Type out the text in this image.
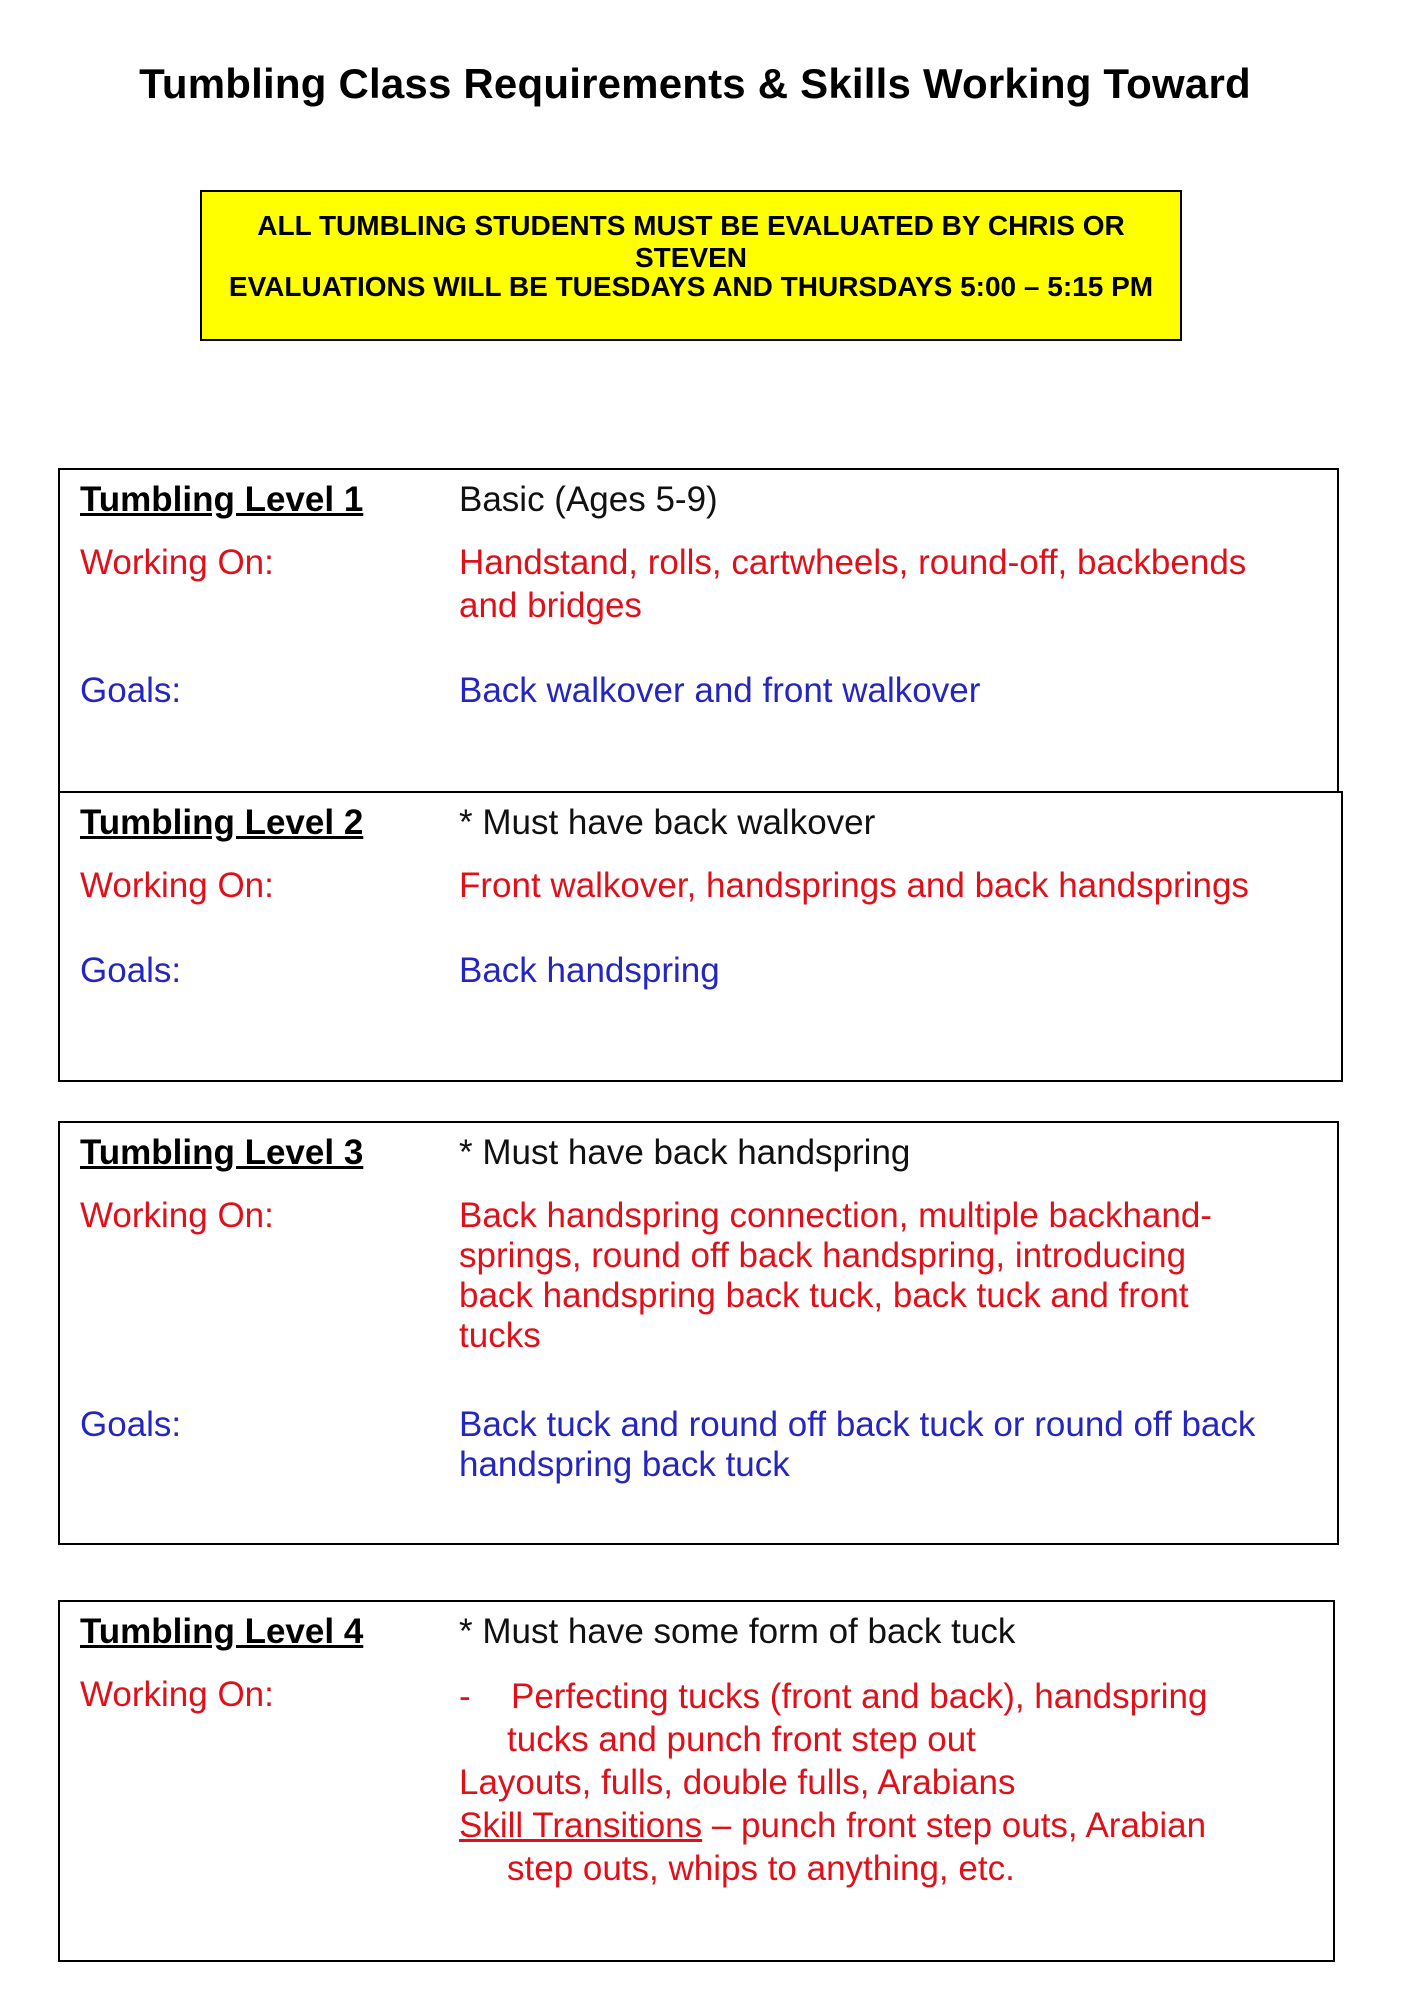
Tumbling Class Requirements & Skills Working Toward
ALL TUMBLING STUDENTS MUST BE EVALUATED BY CHRIS OR STEVEN
EVALUATIONS WILL BE TUESDAYS AND THURSDAYS 5:00 – 5:15 PM
Tumbling Level 1	Basic (Ages 5-9)
Working On:	Handstand, rolls, cartwheels, round-off, backbends
and bridges
Goals:	Back walkover and front walkover
Tumbling Level 2	* Must have back walkover
Working On:	Front walkover, handsprings and back handsprings
Goals:	Back handspring
Tumbling Level 3	* Must have back handspring
Working On:	Back handspring connection, multiple backhand-
springs, round off back handspring, introducing
back handspring back tuck, back tuck and front
tucks
Goals:	Back tuck and round off back tuck or round off back
handspring back tuck
Tumbling Level 4	* Must have some form of back tuck
Working On:	- Perfecting tucks (front and back), handspring
tucks and punch front step out
Layouts, fulls, double fulls, Arabians
Skill Transitions – punch front step outs, Arabian
step outs, whips to anything, etc.
